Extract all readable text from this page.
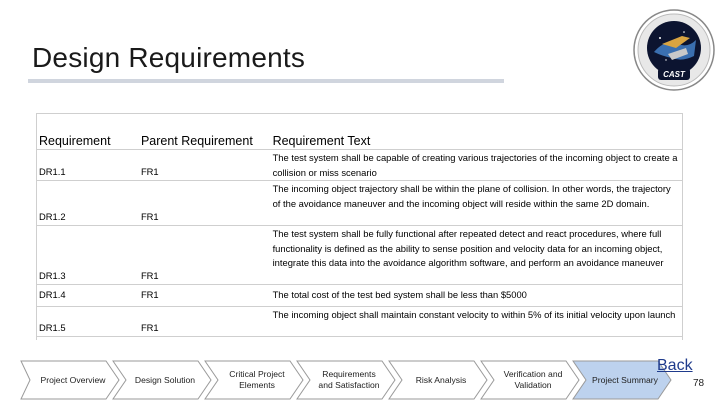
Design Requirements
CAST
Requirement	Parent Requirement	Requirement Text
DR1.1	FR1	The test system shall be capable of creating various trajectories of the incoming object to create a collision or miss scenario
DR1.2	FR1	The incoming object trajectory shall be within the plane of collision. In other words, the trajectory of the avoidance maneuver and the incoming object will reside within the same 2D domain.
DR1.3	FR1	The test system shall be fully functional after repeated detect and react procedures, where full functionality is defined as the ability to sense position and velocity data for an incoming object, integrate this data into the avoidance algorithm software, and perform an avoidance maneuver
DR1.4	FR1	The total cost of the test bed system shall be less than $5000
DR1.5	FR1	The incoming object shall maintain constant velocity to within 5% of its initial velocity upon launch
Project Overview	Design Solution
Critical Project Elements
Requirements and Satisfaction
Risk Analysis
Verification and Validation
Project Summary
Back
78
